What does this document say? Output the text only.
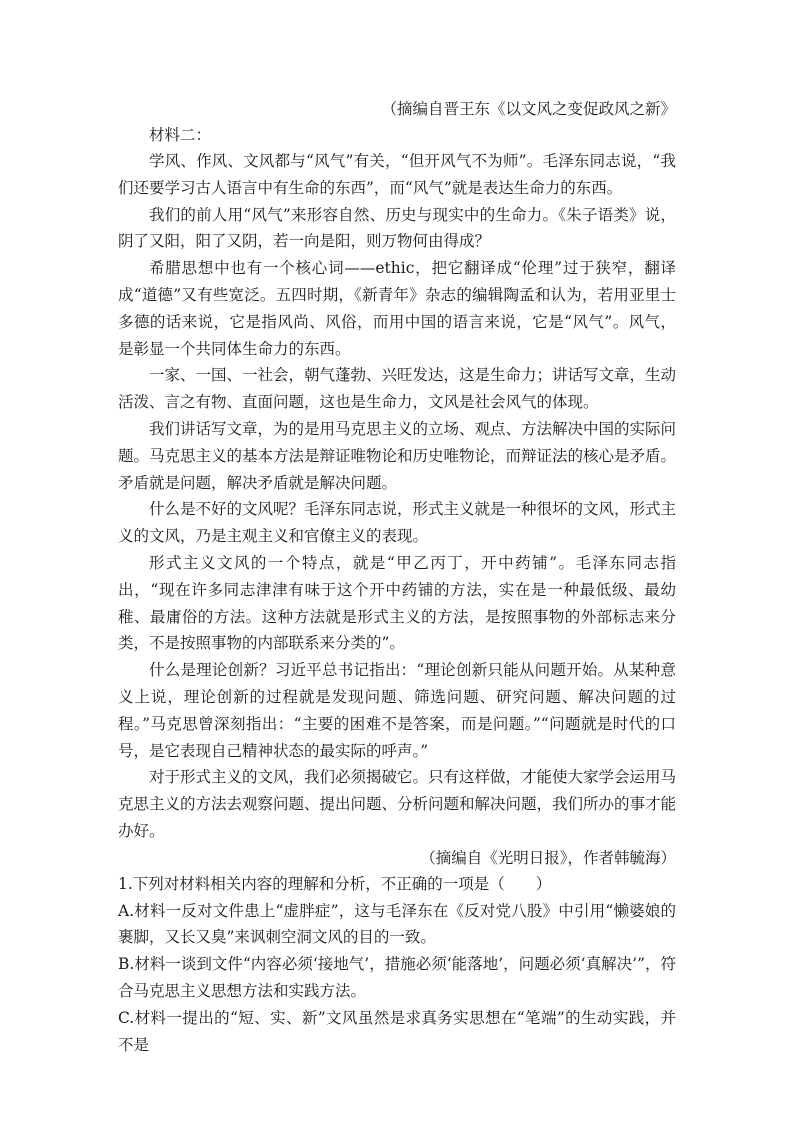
（摘编自晋王东《以文风之变促政风之新》
材料二：

学风、作风、文风都与“风气”有关，“但开风气不为师”。毛泽东同志说，“我们还要学习古人语言中有生命的东西”，而“风气”就是表达生命力的东西。

我们的前人用“风气”来形容自然、历史与现实中的生命力。《朱子语类》说，阴了又阳，阳了又阴，若一向是阳，则万物何由得成？

希腊思想中也有一个核心词——ethic，把它翻译成“伦理”过于狭窄，翻译成“道德”又有些宽泛。五四时期，《新青年》杂志的编辑陶孟和认为，若用亚里士多德的话来说，它是指风尚、风俗，而用中国的语言来说，它是“风气”。风气，是彰显一个共同体生命力的东西。

一家、一国、一社会，朝气蓬勃、兴旺发达，这是生命力；讲话写文章，生动活泼、言之有物、直面问题，这也是生命力，文风是社会风气的体现。

我们讲话写文章，为的是用马克思主义的立场、观点、方法解决中国的实际问题。马克思主义的基本方法是辩证唯物论和历史唯物论，而辩证法的核心是矛盾。矛盾就是问题，解决矛盾就是解决问题。

什么是不好的文风呢？毛泽东同志说，形式主义就是一种很坏的文风，形式主义的文风，乃是主观主义和官僚主义的表现。

形式主义文风的一个特点，就是“甲乙丙丁，开中药铺”。毛泽东同志指出，“现在许多同志津津有味于这个开中药铺的方法，实在是一种最低级、最幼稚、最庸俗的方法。这种方法就是形式主义的方法，是按照事物的外部标志来分类，不是按照事物的内部联系来分类的”。

什么是理论创新？习近平总书记指出：“理论创新只能从问题开始。从某种意义上说，理论创新的过程就是发现问题、筛选问题、研究问题、解决问题的过程。”马克思曾深刻指出：“主要的困难不是答案，而是问题。”“问题就是时代的口号，是它表现自己精神状态的最实际的呼声。”

对于形式主义的文风，我们必须揭破它。只有这样做，才能使大家学会运用马克思主义的方法去观察问题、提出问题、分析问题和解决问题，我们所办的事才能办好。

（摘编自《光明日报》，作者韩毓海）

1.下列对材料相关内容的理解和分析，不正确的一项是（　　）

A.材料一反对文件患上“虚胖症”，这与毛泽东在《反对党八股》中引用“懒婆娘的裹脚，又长又臭”来讽刺空洞文风的目的一致。

B.材料一谈到文件“内容必须‘接地气’，措施必须‘能落地’，问题必须‘真解决’”，符合马克思主义思想方法和实践方法。

C.材料一提出的“短、实、新”文风虽然是求真务实思想在“笔端”的生动实践，并不是
